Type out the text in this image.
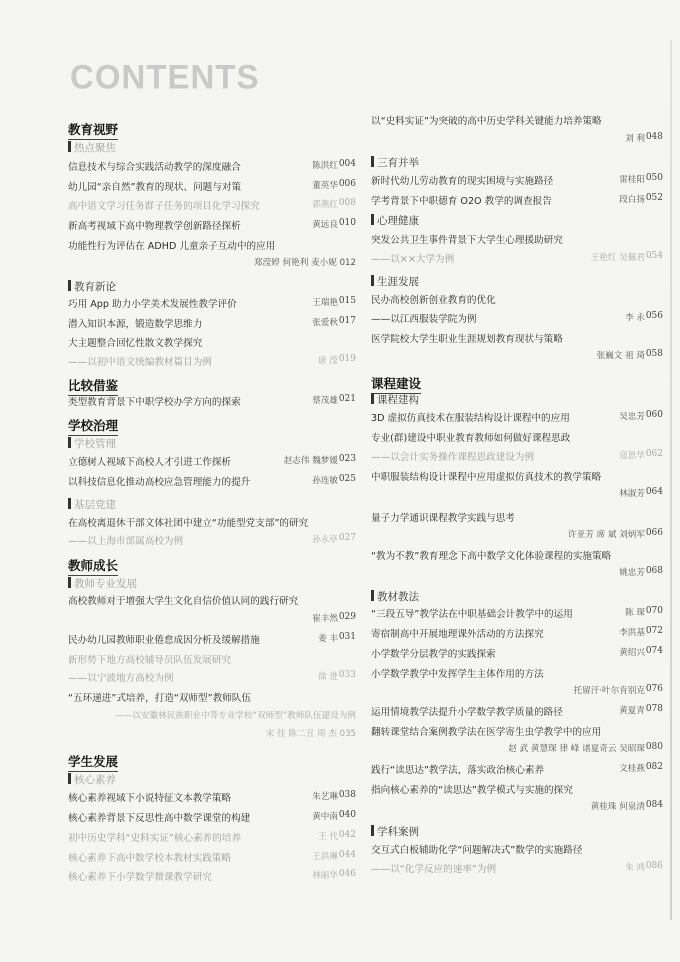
CONTENTS
教育视野
热点聚焦
信息技术与综合实践活动教学的深度融合	陈洪红 004
幼儿园“亲自然”教育的现状、问题与对策	董英华 006
高中语文学习任务群子任务的项目化学习探究	郭燕红 008
新高考视域下高中物理教学创新路径探析	黄远良 010
功能性行为评估在 ADHD 儿童亲子互动中的应用
郑滢婷 何艳利 麦小妮 012
教育新论
巧用 App 助力小学美术发展性教学评价	王瑞艳 015
潜入知识本源，锻造数学思维力	张爱秋 017
大主题整合回忆性散文教学探究
——以初中语文统编教材篇目为例	唐 滢 019
比较借鉴
类型教育背景下中职学校办学方向的探索	蔡茂雄 021
学校治理
学校管理
立德树人视域下高校人才引进工作探析	赵志伟 魏梦媛 023
以科技信息化推动高校应急管理能力的提升	孙连敏 025
基层党建
在高校离退休干部文体社团中建立“功能型党支部”的研究
——以上海市部属高校为例	孙永亭 027
教师成长
教师专业发展
高校教师对于增强大学生文化自信价值认同的践行研究
崔丰然 029
民办幼儿园教师职业倦怠成因分析及缓解措施	姜 丰 031
新形势下地方高校辅导员队伍发展研究
——以宁波地方高校为例	徐 进 033
“五环递进”式培养，打造“双师型”教师队伍
——以安徽林民族职业中等专业学校“双师型”教师队伍建设为例
宋 佳 陈二丑 周 杰 035
学生发展
核心素养
核心素养视域下小说特征文本教学策略	朱艺琳 038
核心素养背景下反思性高中数学课堂的构建	黄中南 040
初中历史学科“史料实证”核心素养的培养	王 代 042
核心素养下高中数学校本教材实践策略	王洪琳 044
核心素养下小学数学微课教学研究	林丽华 046
以“史料实证”为突破的高中历史学科关键能力培养策略
刘 利 048
三育并举
新时代幼儿劳动教育的现实困境与实施路径	雷桂阳 050
学考背景下中职德育 O2O 教学的调查报告	段白扬 052
心理健康
突发公共卫生事件背景下大学生心理援助研究
——以××大学为例	王艳红 吴佩君 054
生涯发展
民办高校创新创业教育的优化
——以江西服装学院为例	李 永 056
医学院校大学生职业生涯规划教育现状与策略
张巍文 祖 琦 058
课程建设
课程建构
3D 虚拟仿真技术在服装结构设计课程中的应用	吴忠芳 060
专业(群)建设中职业教育教师如何做好课程思政
——以会计实务操作课程思政建设为例	寇思华 062
中职服装结构设计课程中应用虚拟仿真技术的教学策略
林淑芳 064
量子力学通识课程教学实践与思考
许亚芳 席 斌 刘炳军 066
“教为不教”教育理念下高中数学文化体验课程的实施策略
姚忠芳 068
教材教法
“三段五导”教学法在中职基础会计教学中的运用	陈 琛 070
寄宿制高中开展地理课外活动的方法探究	李洪基 072
小学数学分层教学的实践探索	黄绍兴 074
小学数学教学中发挥学生主体作用的方法
托留汗·叶尔肯别克 076
运用情境教学法提升小学数学教学质量的路径	黄夏青 078
翻转课堂结合案例教学法在医学寄生虫学教学中的应用
赵 武 黄慧琛 律 峰 诸夏奇云 吴昭琛 080
践行“读思达”教学法，落实政治核心素养	文桂燕 082
指向核心素养的“读思达”教学模式与实施的探究
黄桂珠 何泉清 084
学科案例
交互式白板辅助化学“问题解决式”数学的实施路径
——以“化学反应的速率”为例	朱 鸿 086
